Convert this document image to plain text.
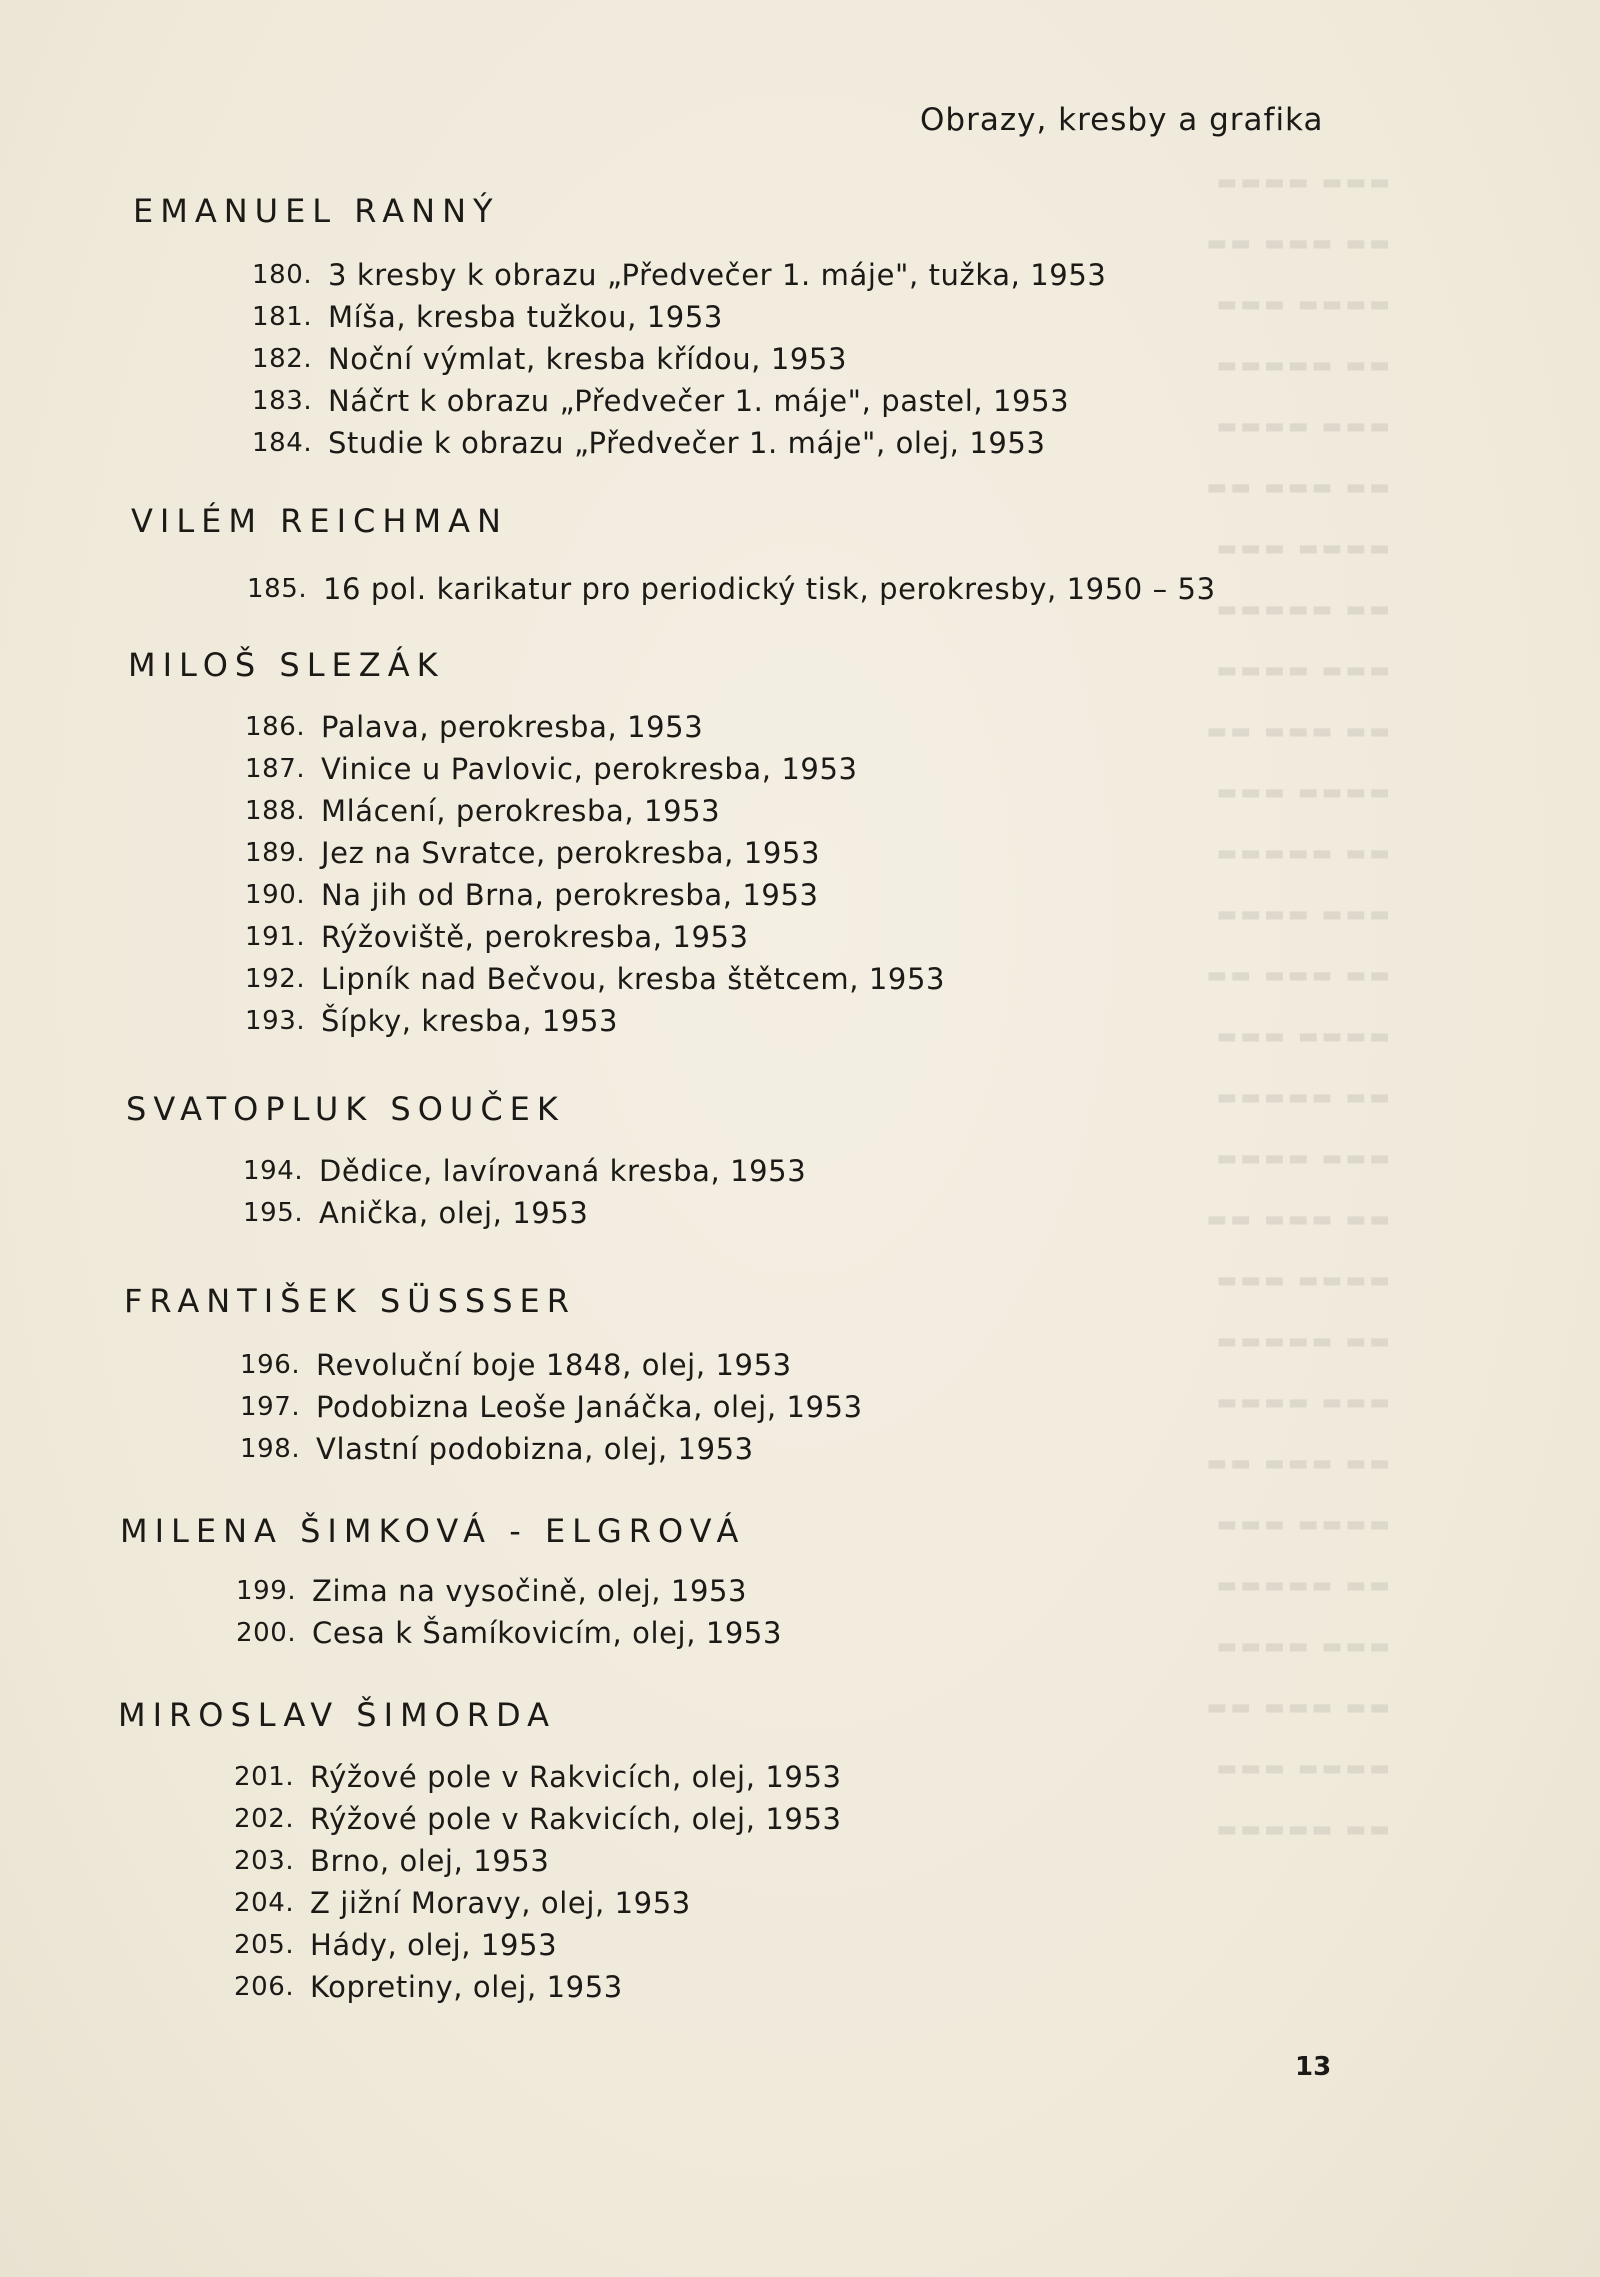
▬▬▬ ▬▬▬▬
▬▬ ▬▬▬ ▬▬
▬▬▬▬ ▬▬▬
▬▬ ▬▬▬▬▬
▬▬▬ ▬▬▬▬
▬▬ ▬▬▬ ▬▬
▬▬▬▬ ▬▬▬
▬▬ ▬▬▬▬▬
▬▬▬ ▬▬▬▬
▬▬ ▬▬▬ ▬▬
▬▬▬▬ ▬▬▬
▬▬ ▬▬▬▬▬
▬▬▬ ▬▬▬▬
▬▬ ▬▬▬ ▬▬
▬▬▬▬ ▬▬▬
▬▬ ▬▬▬▬▬
▬▬▬ ▬▬▬▬
▬▬ ▬▬▬ ▬▬
▬▬▬▬ ▬▬▬
▬▬ ▬▬▬▬▬
▬▬▬ ▬▬▬▬
▬▬ ▬▬▬ ▬▬
▬▬▬▬ ▬▬▬
▬▬ ▬▬▬▬▬
▬▬▬ ▬▬▬▬
▬▬ ▬▬▬ ▬▬
▬▬▬▬ ▬▬▬
▬▬ ▬▬▬▬▬
Obrazy, kresby a grafika
EMANUEL RANNÝ
180. 3 kresby k obrazu „Předvečer 1. máje", tužka, 1953
181. Míša, kresba tužkou, 1953
182. Noční výmlat, kresba křídou, 1953
183. Náčrt k obrazu „Předvečer 1. máje", pastel, 1953
184. Studie k obrazu „Předvečer 1. máje", olej, 1953
VILÉM REICHMAN
185. 16 pol. karikatur pro periodický tisk, perokresby, 1950 – 53
MILOŠ SLEZÁK
186. Palava, perokresba, 1953
187. Vinice u Pavlovic, perokresba, 1953
188. Mlácení, perokresba, 1953
189. Jez na Svratce, perokresba, 1953
190. Na jih od Brna, perokresba, 1953
191. Rýžoviště, perokresba, 1953
192. Lipník nad Bečvou, kresba štětcem, 1953
193. Šípky, kresba, 1953
SVATOPLUK SOUČEK
194. Dědice, lavírovaná kresba, 1953
195. Anička, olej, 1953
FRANTIŠEK SÜSSSER
196. Revoluční boje 1848, olej, 1953
197. Podobizna Leoše Janáčka, olej, 1953
198. Vlastní podobizna, olej, 1953
MILENA ŠIMKOVÁ - ELGROVÁ
199. Zima na vysočině, olej, 1953
200. Cesa k Šamíkovicím, olej, 1953
MIROSLAV ŠIMORDA
201. Rýžové pole v Rakvicích, olej, 1953
202. Rýžové pole v Rakvicích, olej, 1953
203. Brno, olej, 1953
204. Z jižní Moravy, olej, 1953
205. Hády, olej, 1953
206. Kopretiny, olej, 1953
13
